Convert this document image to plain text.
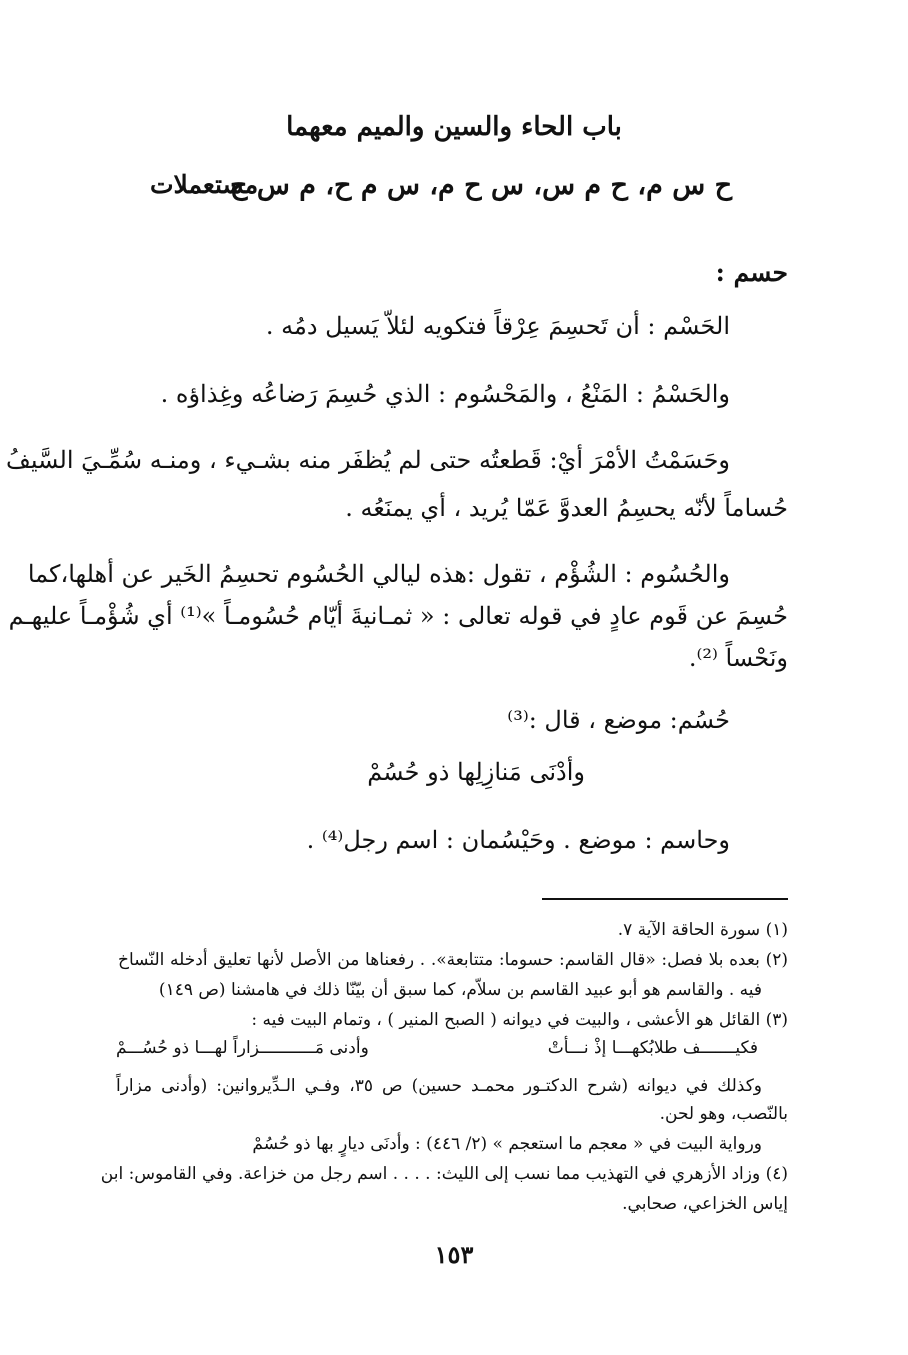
باب الحاء والسين والميم معهما
ح س م، ح م س، س ح م، س م ح، م س ح
مستعملات
حسم :
الحَسْم : أن تَحسِمَ عِرْقاً فتكويه لئلاّ يَسيل دمُه .
والحَسْمُ : المَنْعُ ، والمَحْسُوم : الذي حُسِمَ رَضاعُه وغِذاؤه .
وحَسَمْتُ الأمْرَ أيْ: قَطعتُه حتى لم يُظفَر منه بشـيء ، ومنـه سُمِّـيَ السَّيفُ
حُساماً لأنّه يحسِمُ العدوَّ عَمّا يُريد ، أي يمنَعُه .
والحُسُوم : الشُؤْم ، تقول :هذه ليالي الحُسُوم تحسِمُ الخَير عن أهلها،كما
حُسِمَ عن قَوم عادٍ في قوله تعالى : « ثمـانيةَ أيّام حُسُومـاً »⁽¹⁾ أي شُؤْمـاً عليهـم
ونَحْساً ⁽²⁾.
حُسُم: موضع ، قال :⁽³⁾
وأدْنَى مَنازِلِها ذو حُسُمْ
وحاسم : موضع . وحَيْسُمان : اسم رجل⁽⁴⁾ .
(١) سورة الحاقة الآية ٧.
(٢) بعده بلا فصل: «قال القاسم: حسوما: متتابعة». . رفعناها من الأصل لأنها تعليق أدخله النّساخ
فيه . والقاسم هو أبو عبيد القاسم بن سلاّم، كما سبق أن بيّنّا ذلك في هامشنا (ص ١٤٩)
(٣) القائل هو الأعشى ، والبيت في ديوانه ( الصبح المنير ) ، وتمام البيت فيه :
فكيـــــــف طلابُكهـــا إذْ نـــأتْ
وأدنى مَـــــــــــزاراً لهـــا ذو حُسُـــمْ
وكذلك في ديوانه (شرح الدكتـور محمـد حسين) ص ٣٥، وفـي الـدِّيروانين: (وأدنى مزاراً
بالنّصب، وهو لحن.
ورواية البيت في « معجم ما استعجم » (٢/ ٤٤٦) : وأدنَى ديارٍ بها ذو حُسُمْ
(٤) وزاد الأزهري في التهذيب مما نسب إلى الليث: . . . . اسم رجل من خزاعة. وفي القاموس: ابن
إياس الخزاعي، صحابي.
١٥٣
